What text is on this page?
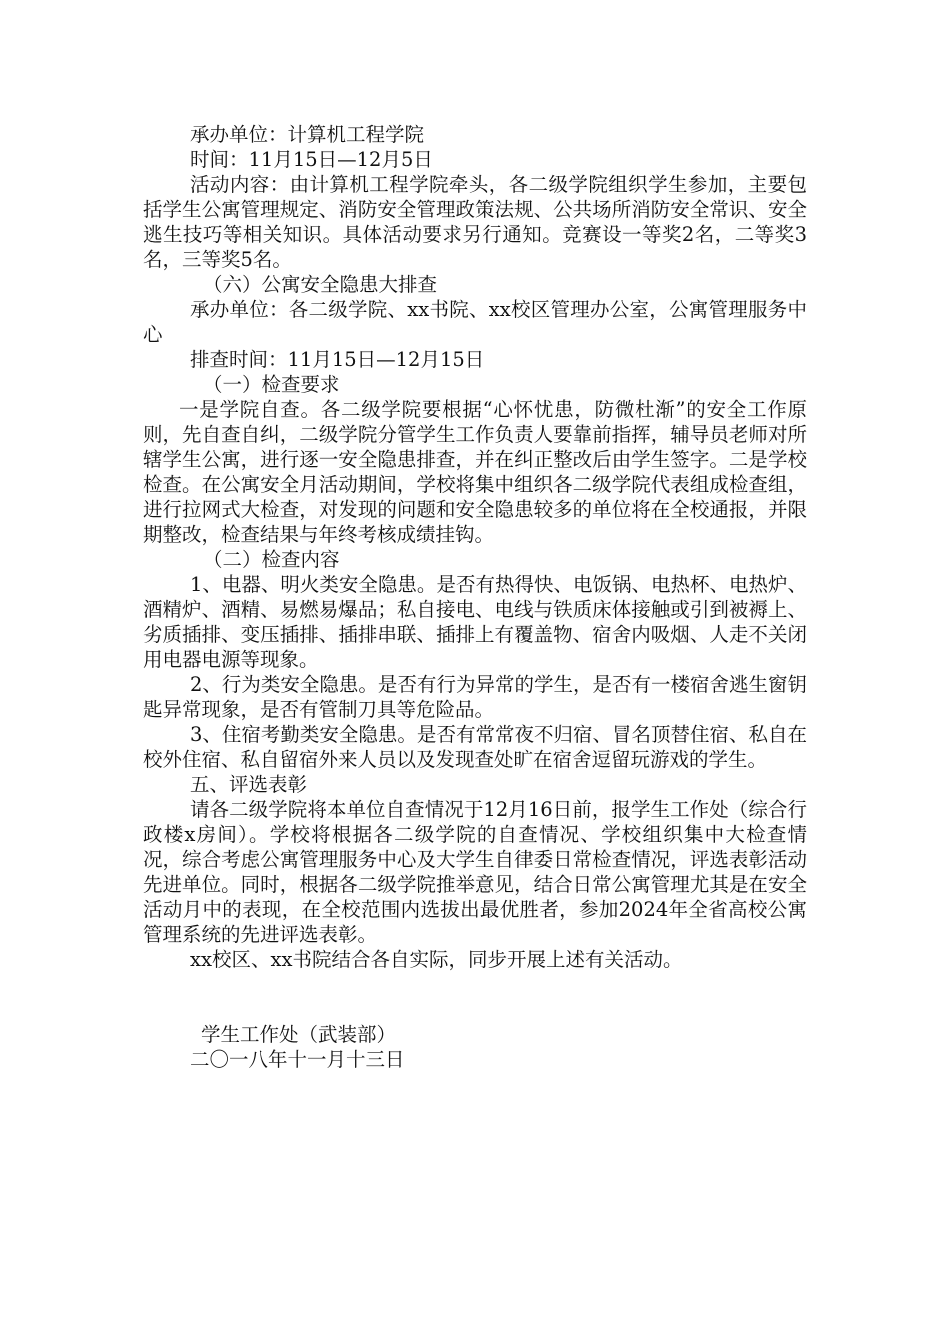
承办单位：计算机工程学院

时间：11月15日—12月5日

活动内容：由计算机工程学院牵头，各二级学院组织学生参加，主要包括学生公寓管理规定、消防安全管理政策法规、公共场所消防安全常识、安全逃生技巧等相关知识。具体活动要求另行通知。竞赛设一等奖2名，二等奖3名，三等奖5名。

（六）公寓安全隐患大排查

承办单位：各二级学院、xx书院、xx校区管理办公室，公寓管理服务中心

排查时间：11月15日—12月15日

（一）检查要求

一是学院自查。各二级学院要根据“心怀忧患，防微杜渐”的安全工作原则，先自查自纠，二级学院分管学生工作负责人要靠前指挥，辅导员老师对所辖学生公寓，进行逐一安全隐患排查，并在纠正整改后由学生签字。二是学校检查。在公寓安全月活动期间，学校将集中组织各二级学院代表组成检查组，进行拉网式大检查，对发现的问题和安全隐患较多的单位将在全校通报，并限期整改，检查结果与年终考核成绩挂钩。

（二）检查内容

1、电器、明火类安全隐患。是否有热得快、电饭锅、电热杯、电热炉、酒精炉、酒精、易燃易爆品；私自接电、电线与铁质床体接触或引到被褥上、劣质插排、变压插排、插排串联、插排上有覆盖物、宿舍内吸烟、人走不关闭用电器电源等现象。

2、行为类安全隐患。是否有行为异常的学生，是否有一楼宿舍逃生窗钥匙异常现象，是否有管制刀具等危险品。

3、住宿考勤类安全隐患。是否有常常夜不归宿、冒名顶替住宿、私自在校外住宿、私自留宿外来人员以及发现查处旷在宿舍逗留玩游戏的学生。

五、评选表彰

请各二级学院将本单位自查情况于12月16日前，报学生工作处（综合行政楼x房间）。学校将根据各二级学院的自查情况、学校组织集中大检查情况，综合考虑公寓管理服务中心及大学生自律委日常检查情况，评选表彰活动先进单位。同时，根据各二级学院推举意见，结合日常公寓管理尤其是在安全活动月中的表现，在全校范围内选拔出最优胜者，参加2024年全省高校公寓管理系统的先进评选表彰。

xx校区、xx书院结合各自实际，同步开展上述有关活动。

学生工作处（武装部）

二〇一八年十一月十三日
